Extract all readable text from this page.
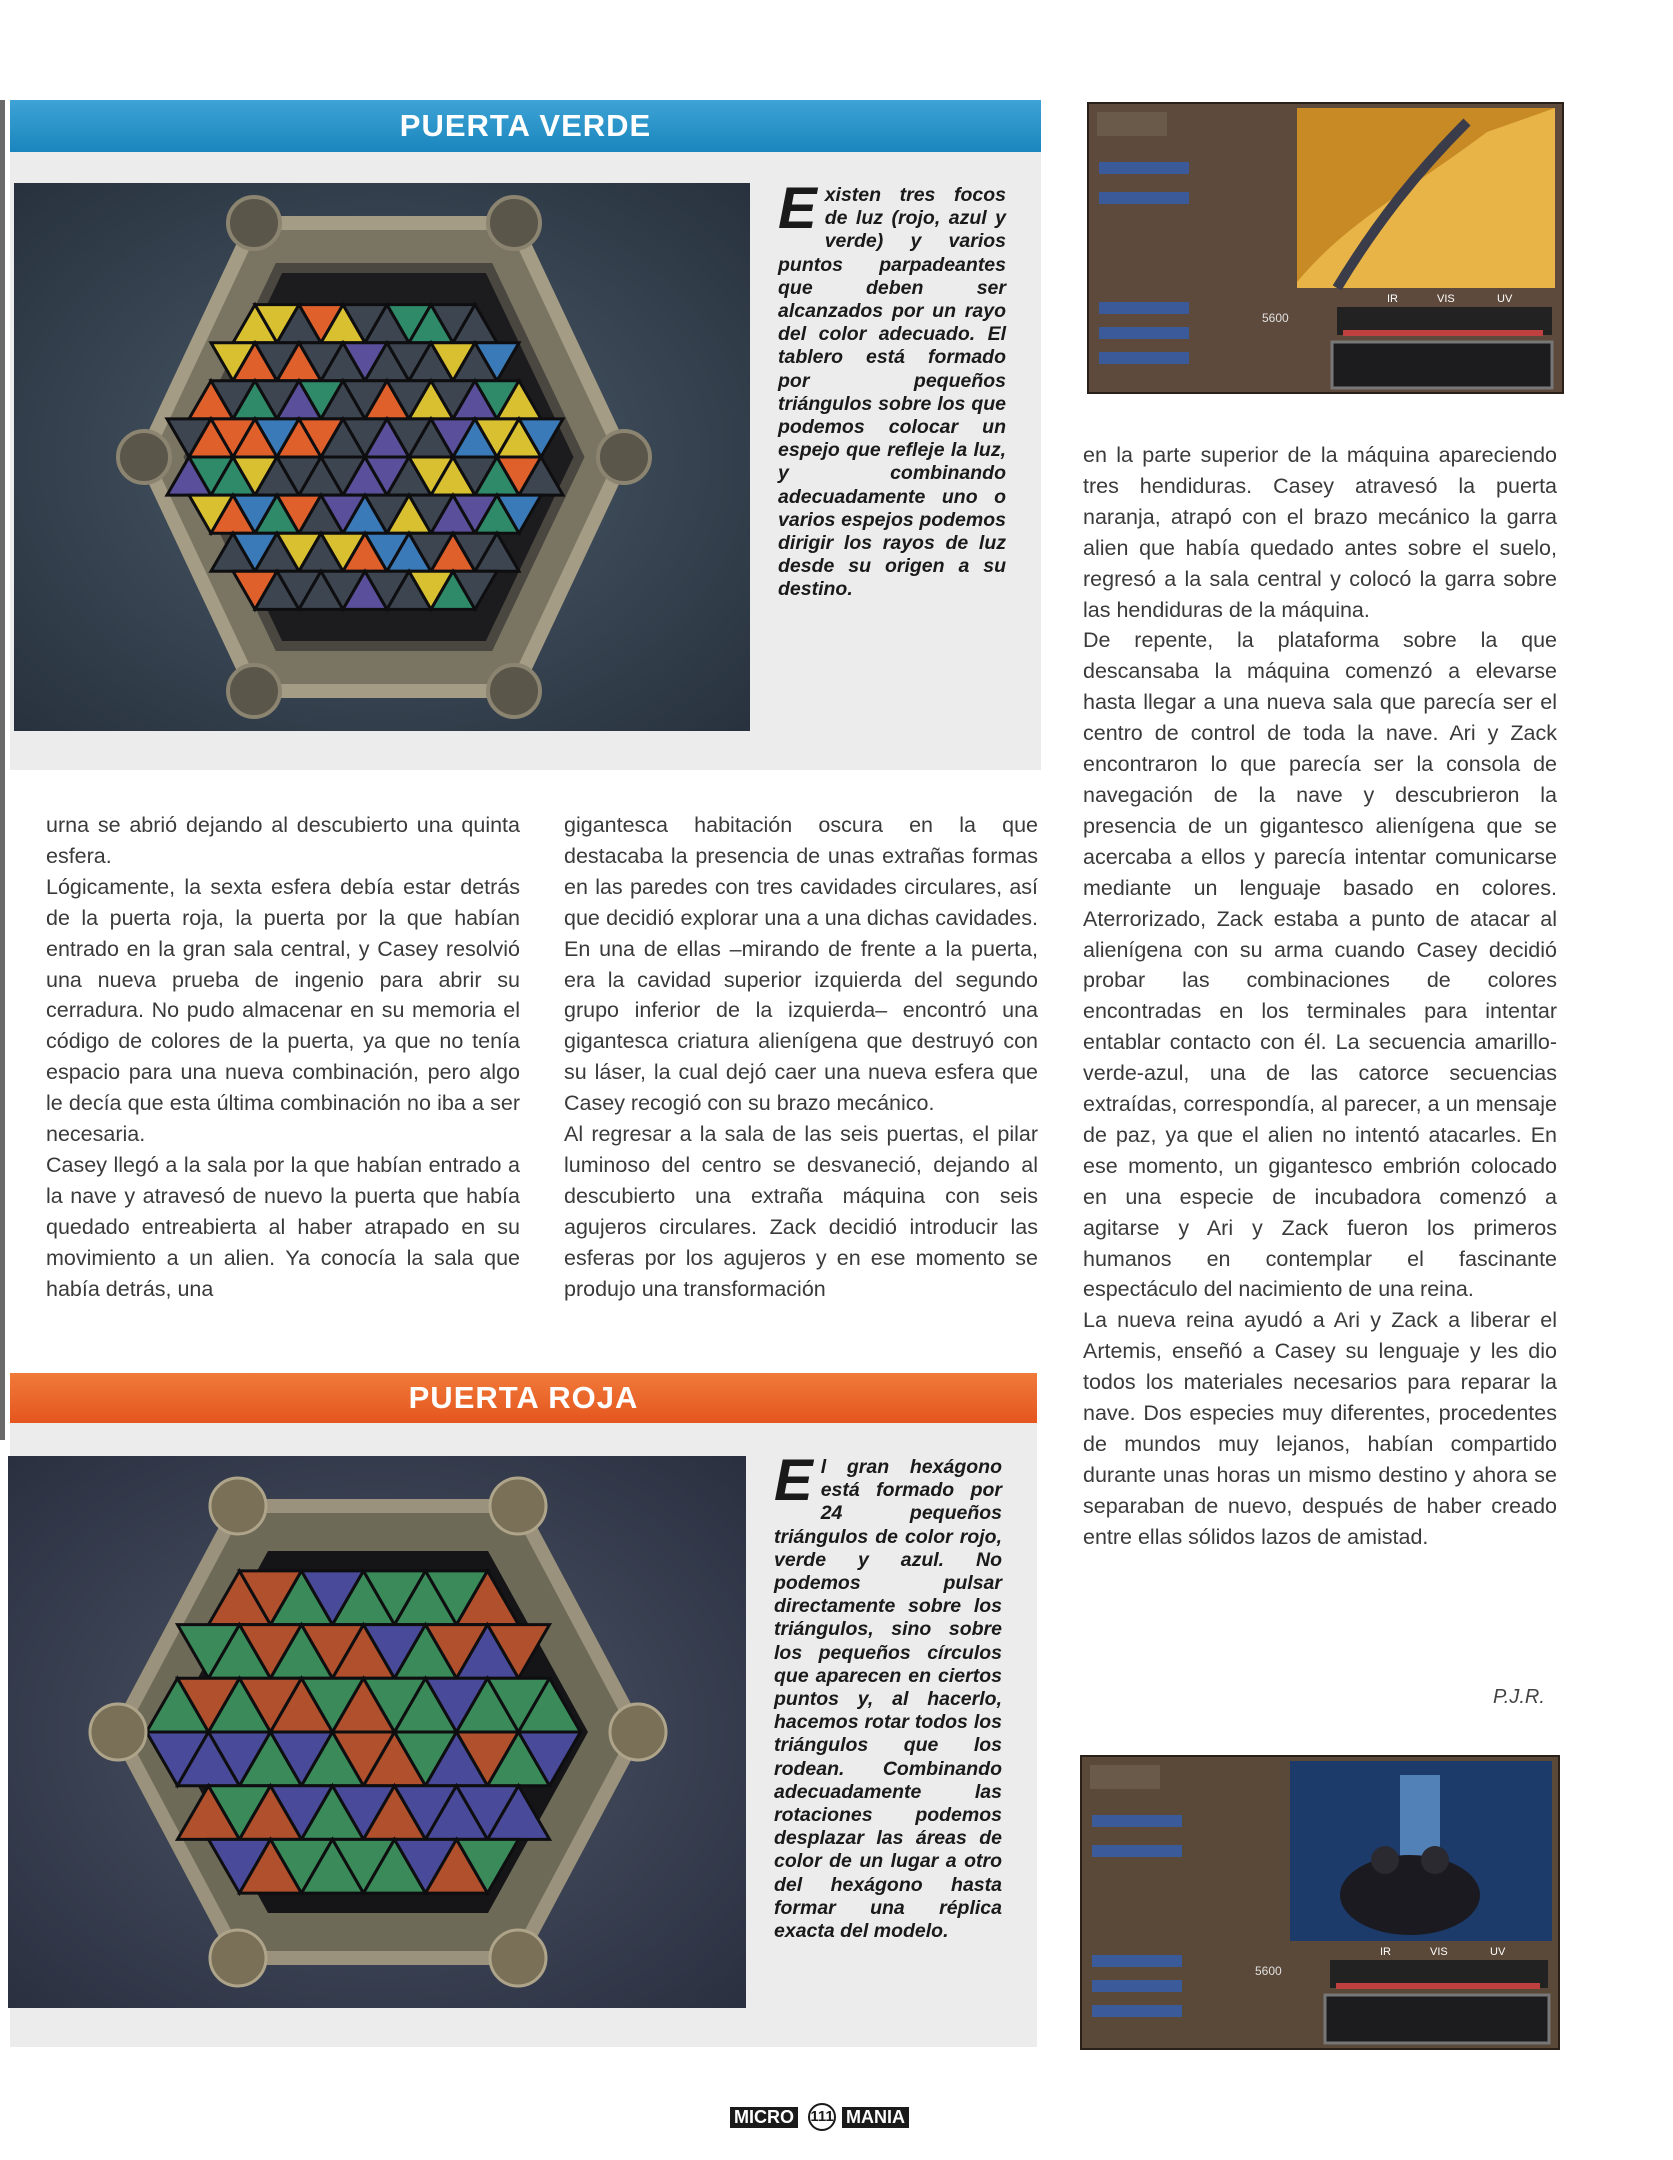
PUERTA VERDE
Existen tres focos de luz (rojo, azul y verde) y varios puntos parpadeantes que deben ser alcanzados por un rayo del color adecuado. El tablero está formado por pequeños triángulos sobre los que podemos colocar un espejo que refleje la luz, y combinando adecuadamente uno o varios espejos podemos dirigir los rayos de luz desde su origen a su destino.
5600
IR	VIS	UV

urna se abrió dejando al descubierto una quinta esfera.

Lógicamente, la sexta esfera debía estar detrás de la puerta roja, la puerta por la que habían entrado en la gran sala central, y Casey resolvió una nueva prueba de ingenio para abrir su cerradura. No pudo almacenar en su memoria el código de colores de la puerta, ya que no tenía espacio para una nueva combinación, pero algo le decía que esta última combinación no iba a ser necesaria.

Casey llegó a la sala por la que habían entrado a la nave y atravesó de nuevo la puerta que había quedado entreabierta al haber atrapado en su movimiento a un alien. Ya conocía la sala que había detrás, una

gigantesca habitación oscura en la que destacaba la presencia de unas extrañas formas en las paredes con tres cavidades circulares, así que decidió explorar una a una dichas cavidades. En una de ellas –mirando de frente a la puerta, era la cavidad superior izquierda del segundo grupo inferior de la izquierda– encontró una gigantesca criatura alienígena que destruyó con su láser, la cual dejó caer una nueva esfera que Casey recogió con su brazo mecánico.

Al regresar a la sala de las seis puertas, el pilar luminoso del centro se desvaneció, dejando al descubierto una extraña máquina con seis agujeros circulares. Zack decidió introducir las esferas por los agujeros y en ese momento se produjo una transformación

en la parte superior de la máquina apareciendo tres hendiduras. Casey atravesó la puerta naranja, atrapó con el brazo mecánico la garra alien que había quedado antes sobre el suelo, regresó a la sala central y colocó la garra sobre las hendiduras de la máquina.

De repente, la plataforma sobre la que descansaba la máquina comenzó a elevarse hasta llegar a una nueva sala que parecía ser el centro de control de toda la nave. Ari y Zack encontraron lo que parecía ser la consola de navegación de la nave y descubrieron la presencia de un gigantesco alienígena que se acercaba a ellos y parecía intentar comunicarse mediante un lenguaje basado en colores. Aterrorizado, Zack estaba a punto de atacar al alienígena con su arma cuando Casey decidió probar las combinaciones de colores encontradas en los terminales para intentar entablar contacto con él. La secuencia amarillo-verde-azul, una de las catorce secuencias extraídas, correspondía, al parecer, a un mensaje de paz, ya que el alien no intentó atacarles. En ese momento, un gigantesco embrión colocado en una especie de incubadora comenzó a agitarse y Ari y Zack fueron los primeros humanos en contemplar el fascinante espectáculo del nacimiento de una reina.

La nueva reina ayudó a Ari y Zack a liberar el Artemis, enseñó a Casey su lenguaje y les dio todos los materiales necesarios para reparar la nave. Dos especies muy diferentes, procedentes de mundos muy lejanos, habían compartido durante unas horas un mismo destino y ahora se separaban de nuevo, después de haber creado entre ellas sólidos lazos de amistad.

P.J.R.
PUERTA ROJA
El gran hexágono está formado por 24 pequeños triángulos de color rojo, verde y azul. No podemos pulsar directamente sobre los triángulos, sino sobre los pequeños círculos que aparecen en ciertos puntos y, al hacerlo, hacemos rotar todos los triángulos que los rodean. Combinando adecuadamente las rotaciones podemos desplazar las áreas de color de un lugar a otro del hexágono hasta formar una réplica exacta del modelo.
5600
IR	VIS	UV
MICRO 111 MANIA
